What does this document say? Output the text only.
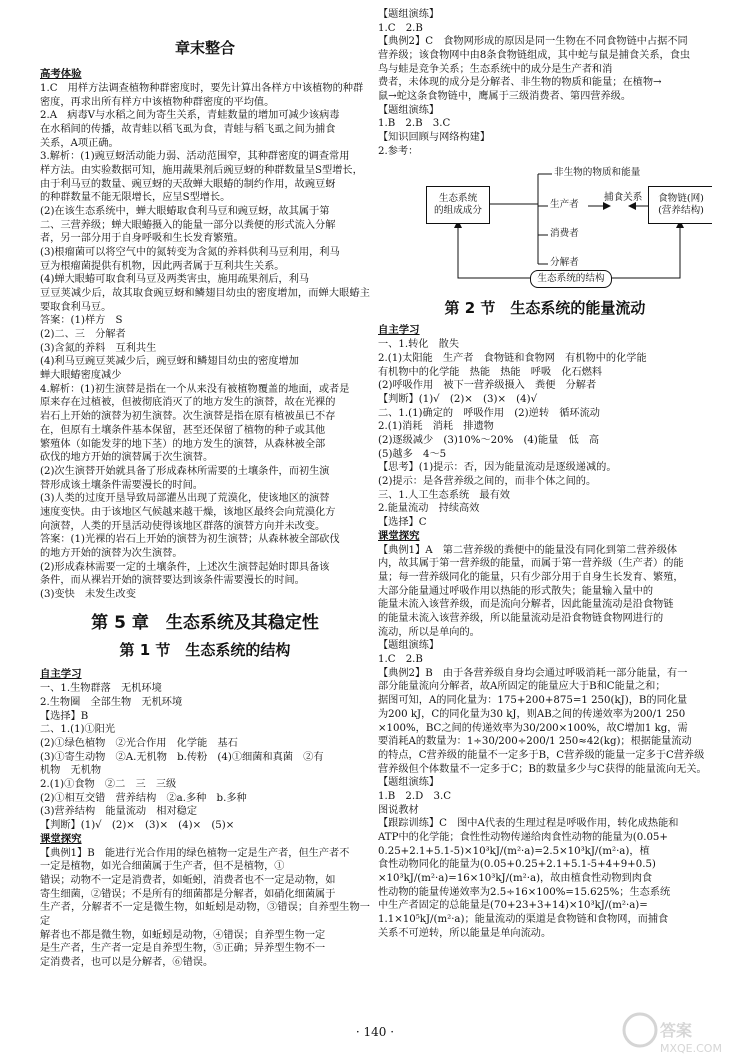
章末整合

高考体验

1.C　用样方法调查植物种群密度时，要先计算出各样方中该植物的种群

密度，再求出所有样方中该植物种群密度的平均值。

2.A　病毒V与水稻之间为寄生关系，青蛙数量的增加可减少该病毒

在水稻间的传播，故青蛙以稻飞虱为食，青蛙与稻飞虱之间为捕食

关系，A项正确。

3.解析：(1)豌豆蚜活动能力弱、活动范围窄，其种群密度的调查常用

样方法。由实验数据可知，施用蔬果剂后豌豆蚜的种群数量呈S型增长，

由于利马豆的数量、豌豆蚜的天敌蝉大眼蝽的制约作用，故豌豆蚜

的种群数量不能无限增长，应呈S型增长。

(2)在该生态系统中，蝉大眼蝽取食利马豆和豌豆蚜，故其属于第

二、三营养级；蝉大眼蝽摄入的能量一部分以粪便的形式流入分解

者，另一部分用于自身呼吸和生长发育繁殖。

(3)根瘤菌可以将空气中的氮转变为含氮的养料供利马豆利用，利马

豆为根瘤菌提供有机物，因此两者属于互利共生关系。

(4)蝉大眼蝽可取食利马豆及两类害虫，施用疏果剂后，利马

豆豆荚减少后，故其取食豌豆蚜和鳞翅目幼虫的密度增加，而蝉大眼蝽主要取食利马豆。

答案：(1)样方　S

(2)二、三　分解者

(3)含氮的养料　互利共生

(4)利马豆豌豆荚减少后，豌豆蚜和鳞翅目幼虫的密度增加

蝉大眼蝽密度减少

4.解析：(1)初生演替是指在一个从来没有被植物覆盖的地面，或者是

原来存在过植被，但被彻底消灭了的地方发生的演替，故在光裸的

岩石上开始的演替为初生演替。次生演替是指在原有植被虽已不存

在，但原有土壤条件基本保留，甚至还保留了植物的种子或其他

繁殖体（如能发芽的地下茎）的地方发生的演替，从森林被全部

砍伐的地方开始的演替属于次生演替。

(2)次生演替开始就具备了形成森林所需要的土壤条件，而初生演

替形成该土壤条件需要漫长的时间。

(3)人类的过度开垦导致局部灌丛出现了荒漠化，使该地区的演替

速度变快。由于该地区气候越来越干燥，该地区最终会向荒漠化方

向演替，人类的开垦活动使得该地区群落的演替方向并未改变。

答案：(1)光裸的岩石上开始的演替为初生演替；从森林被全部砍伐

的地方开始的演替为次生演替。

(2)形成森林需要一定的土壤条件，上述次生演替起始时即具备该

条件，而从裸岩开始的演替要达到该条件需要漫长的时间。

(3)变快　未发生改变

第 5 章　生态系统及其稳定性
第 1 节　生态系统的结构

自主学习

一、1.生物群落　无机环境

2.生物圈　全部生物　无机环境

【选择】B

二、1.(1)①阳光

(2)①绿色植物　②光合作用　化学能　基石

(3)①寄生动物　②A.无机物　b.传粉　(4)①细菌和真菌　②有

机物　无机物

2.(1)①食物　②二　三　三级

(2)①相互交错　营养结构　②a.多种　b.多种

(3)营养结构　能量流动　相对稳定

【判断】(1)√　(2)×　(3)×　(4)×　(5)×

课堂探究

【典例1】B　能进行光合作用的绿色植物一定是生产者，但生产者不

一定是植物，如光合细菌属于生产者，但不是植物，①

错误；动物不一定是消费者，如蚯蚓，消费者也不一定是动物，如

寄生细菌，②错误；不是所有的细菌都是分解者，如硝化细菌属于

生产者，分解者不一定是微生物，如蚯蚓是动物，③错误；自养型生物一定

解者也不都是微生物，如蚯蚓是动物，④错误；自养型生物一定

是生产者，生产者一定是自养型生物，⑤正确；异养型生物不一

定消费者，也可以是分解者，⑥错误。

【题组演练】

1.C　2.B

【典例2】C　食物网形成的原因是同一生物在不同食物链中占据不同

营养级；该食物网中由8条食物链组成，其中蛇与鼠是捕食关系，食虫

鸟与蛙是竞争关系；生态系统中的成分是生产者和消

费者，未体现的成分是分解者、非生物的物质和能量；在植物→

鼠→蛇这条食物链中，鹰属于三级消费者、第四营养级。

【题组演练】

1.B　2.B　3.C

【知识回顾与网络构建】

2.参考：

生态系统
的组成成分
食物链(网)
(营养结构)
生态系统的结构
非生物的物质和能量
生产者
捕食关系
消费者
分解者
第 2 节　生态系统的能量流动

自主学习

一、1.转化　散失

2.(1)太阳能　生产者　食物链和食物网　有机物中的化学能

有机物中的化学能　热能　热能　呼吸　化石燃料

(2)呼吸作用　被下一营养级摄入　粪便　分解者

【判断】(1)√　(2)×　(3)×　(4)√

二、1.(1)确定的　呼吸作用　(2)逆转　循环流动

2.(1)消耗　消耗　排遗物

(2)逐级减少　(3)10%～20%　(4)能量　低　高

(5)越多　4～5

【思考】(1)提示：否，因为能量流动是逐级递减的。

(2)提示：是各营养级之间的，而非个体之间的。

三、1.人工生态系统　最有效

2.能量流动　持续高效

【选择】C

课堂探究

【典例1】A　第二营养级的粪便中的能量没有同化到第二营养级体

内，故其属于第一营养级的能量，而属于第一营养级（生产者）的能

量；每一营养级同化的能量，只有少部分用于自身生长发育、繁殖，

大部分能量通过呼吸作用以热能的形式散失；能量输入量中的

能量未流入该营养级，而是流向分解者，因此能量流动是沿食物链

的能量未流入该营养级，所以能量流动是沿食物链食物网进行的

流动，所以是单向的。

【题组演练】

1.C　2.B

【典例2】B　由于各营养级自身均会通过呼吸消耗一部分能量，有一

部分能量流向分解者，故A所固定的能量应大于B和C能量之和；

据图可知，A的同化量为：175+200+875=1 250(kJ)，B的同化量

为200 kJ，C的同化量为30 kJ，则AB之间的传递效率为200/1 250

×100%，BC之间的传递效率为30/200×100%，故C增加1 kg，需

要消耗A的数量为：1÷30/200÷200/1 250≈42(kg)；根据能量流动

的特点，C营养级的能量不一定多于B，C营养级的能量一定多于C营养级

营养级但个体数量不一定多于C；B的数量多少与C获得的能量流向无关。

【题组演练】

1.B　2.D　3.C

图说教材

【跟踪训练】C　图中A代表的生理过程是呼吸作用，转化成热能和

ATP中的化学能；食性性动物传递给肉食性动物的能量为(0.05+

0.25+2.1+5.1-5)×10³kJ/(m²·a)=2.5×10³kJ/(m²·a)，植

食性动物同化的能量为(0.05+0.25+2.1+5.1-5+4+9+0.5)

×10³kJ/(m²·a)=16×10³kJ/(m²·a)，故由植食性动物到肉食

性动物的能量传递效率为2.5÷16×100%=15.625%；生态系统

中生产者固定的总能量是(70+23+3+14)×10³kJ/(m²·a)=

1.1×10⁵kJ/(m²·a)；能量流动的渠道是食物链和食物网，而捕食

关系不可逆转，所以能量是单向流动。

· 140 ·	答案
MXQE.COM
